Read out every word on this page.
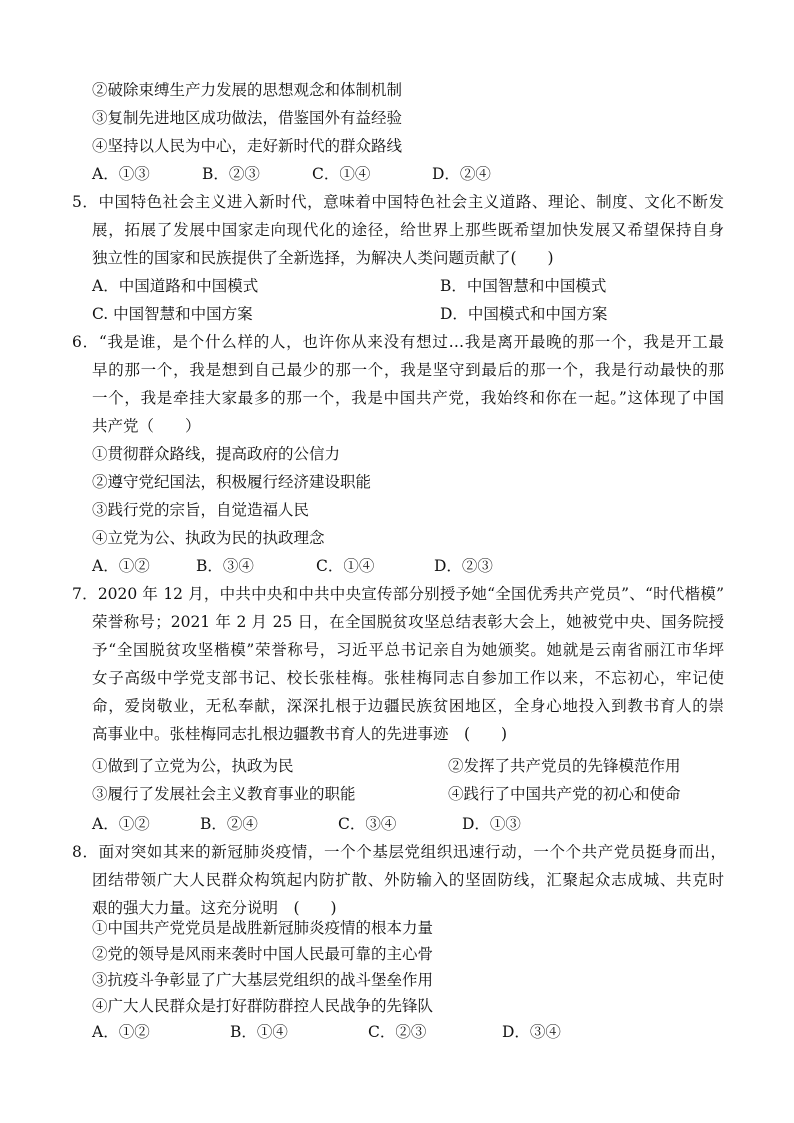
②破除束缚生产力发展的思想观念和体制机制
③复制先进地区成功做法，借鉴国外有益经验
④坚持以人民为中心，走好新时代的群众路线
A．①③	B．②③	C．①④	D．②④
5．中国特色社会主义进入新时代，意味着中国特色社会主义道路、理论、制度、文化不断发
展，拓展了发展中国家走向现代化的途径，给世界上那些既希望加快发展又希望保持自身
独立性的国家和民族提供了全新选择，为解决人类问题贡献了(　　)
A．中国道路和中国模式	B．中国智慧和中国模式
C. 中国智慧和中国方案	D．中国模式和中国方案
6．“我是谁，是个什么样的人，也许你从来没有想过…我是离开最晚的那一个，我是开工最
早的那一个，我是想到自己最少的那一个，我是坚守到最后的那一个，我是行动最快的那
一个，我是牵挂大家最多的那一个，我是中国共产党，我始终和你在一起。”这体现了中国
共产党（　　）
①贯彻群众路线，提高政府的公信力
②遵守党纪国法，积极履行经济建设职能
③践行党的宗旨，自觉造福人民
④立党为公、执政为民的执政理念
A．①②	B．③④	C．①④	D．②③
7．2020 年 12 月，中共中央和中共中央宣传部分别授予她“全国优秀共产党员”、“时代楷模”
荣誉称号；2021 年 2 月 25 日，在全国脱贫攻坚总结表彰大会上，她被党中央、国务院授
予“全国脱贫攻坚楷模”荣誉称号，习近平总书记亲自为她颁奖。她就是云南省丽江市华坪
女子高级中学党支部书记、校长张桂梅。张桂梅同志自参加工作以来，不忘初心，牢记使
命，爱岗敬业，无私奉献，深深扎根于边疆民族贫困地区，全身心地投入到教书育人的崇
高事业中。张桂梅同志扎根边疆教书育人的先进事迹　(　　)
①做到了立党为公，执政为民	②发挥了共产党员的先锋模范作用
③履行了发展社会主义教育事业的职能	④践行了中国共产党的初心和使命
A．①②	B．②④	C．③④	D．①③
8．面对突如其来的新冠肺炎疫情，一个个基层党组织迅速行动，一个个共产党员挺身而出，
团结带领广大人民群众构筑起内防扩散、外防输入的坚固防线，汇聚起众志成城、共克时
艰的强大力量。这充分说明　(　　)
①中国共产党党员是战胜新冠肺炎疫情的根本力量
②党的领导是风雨来袭时中国人民最可靠的主心骨
③抗疫斗争彰显了广大基层党组织的战斗堡垒作用
④广大人民群众是打好群防群控人民战争的先锋队
A．①②	B．①④	C．②③	D．③④
